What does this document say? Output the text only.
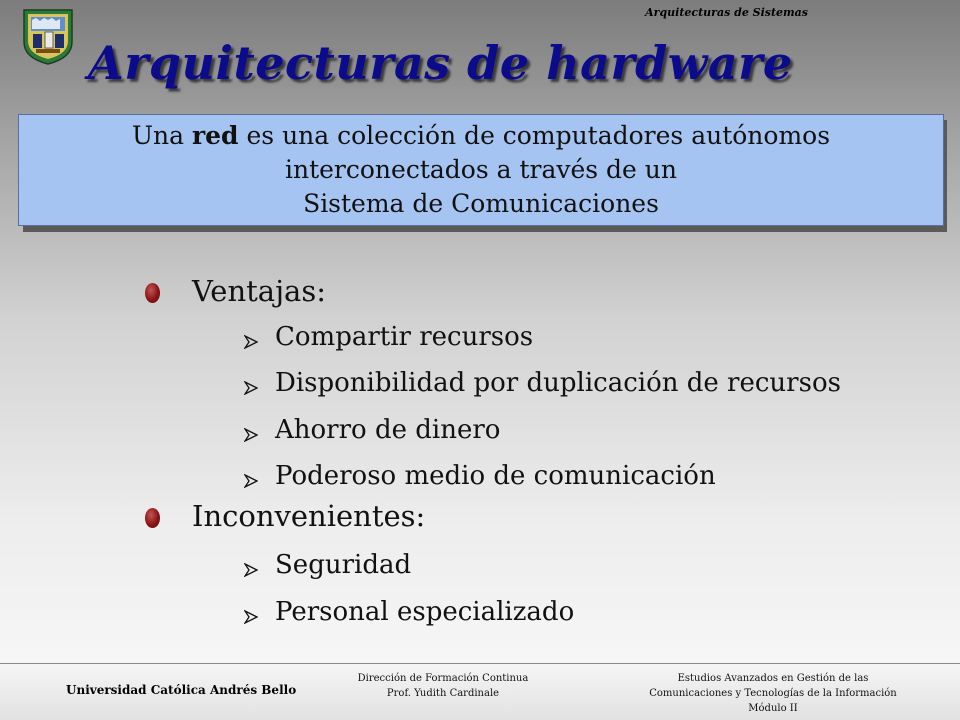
Arquitecturas de Sistemas
Arquitecturas de hardware
Una red es una colección de computadores autónomos
interconectados a través de un
Sistema de Comunicaciones
Ventajas:
Compartir recursos
Disponibilidad por duplicación de recursos
Ahorro de dinero
Poderoso medio de comunicación
Inconvenientes:
Seguridad
Personal especializado
Universidad Católica Andrés Bello
Dirección de Formación Continua
Prof. Yudith Cardinale
Estudios Avanzados en Gestión de las
Comunicaciones y Tecnologías de la Información
Módulo II
